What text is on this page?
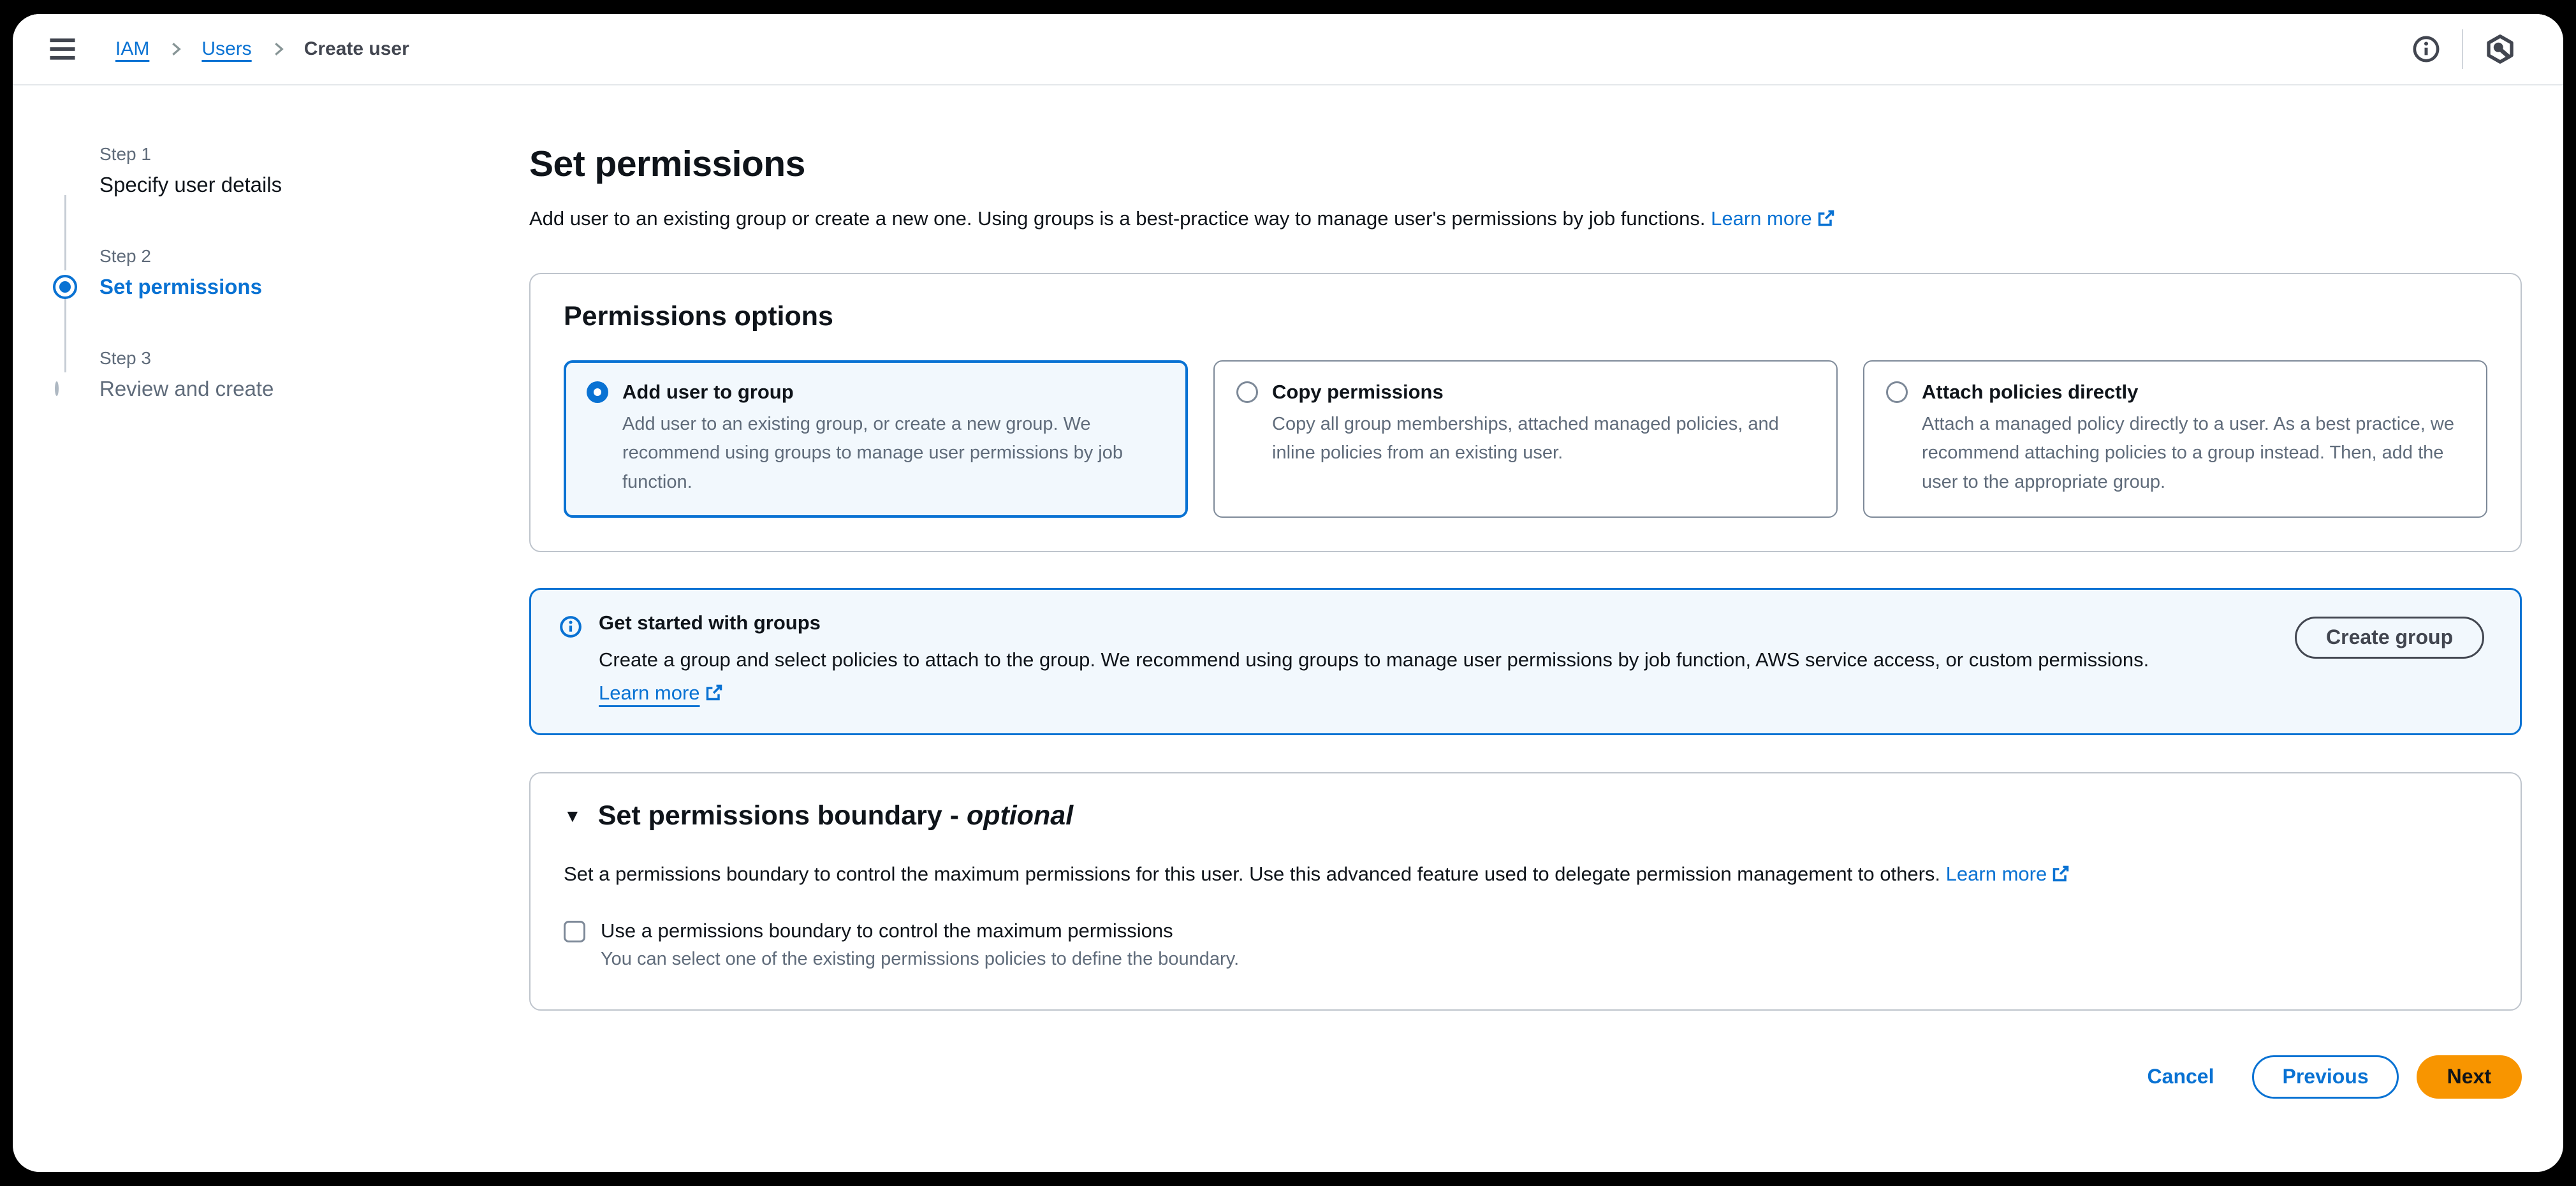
IAM	Users	Create user
Step 1
Specify user details
Step 2
Set permissions
Step 3
Review and create
Set permissions

Add user to an existing group or create a new one. Using groups is a best-practice way to manage user's permissions by job functions. Learn more

Permissions options
Add user to group

Add user to an existing group, or create a new group. We recommend using groups to manage user permissions by job function.

Copy permissions

Copy all group memberships, attached managed policies, and inline policies from an existing user.

Attach policies directly

Attach a managed policy directly to a user. As a best practice, we recommend attaching policies to a group instead. Then, add the user to the appropriate group.

Get started with groups

Create a group and select policies to attach to the group. We recommend using groups to manage user permissions by job function, AWS service access, or custom permissions. Learn more

Create group
▼ Set permissions boundary - optional

Set a permissions boundary to control the maximum permissions for this user. Use this advanced feature used to delegate permission management to others. Learn more

Use a permissions boundary to control the maximum permissions

You can select one of the existing permissions policies to define the boundary.

Cancel	Previous	Next
